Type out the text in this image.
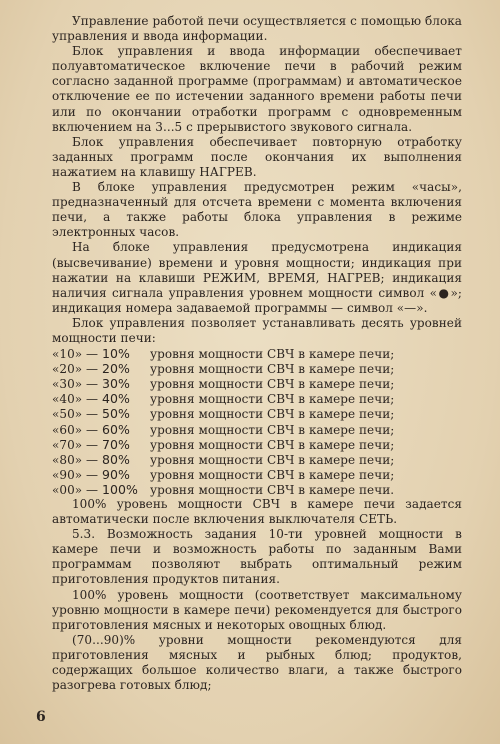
Управление работой печи осуществляется с помощью блока управления и ввода информации.

Блок управления и ввода информации обеспечивает полуавтоматическое включение печи в рабочий режим согласно заданной программе (программам) и автоматическое отключение ее по истечении заданного времени работы печи или по окончании отработки программ с одновременным включением на 3...5 с прерывистого звукового сигнала.

Блок управления обеспечивает повторную отработку заданных программ после окончания их выполнения нажатием на клавишу НАГРЕВ.

В блоке управления предусмотрен режим «часы», предназначенный для отсчета времени с момента включения печи, а также работы блока управления в режиме электронных часов.

На блоке управления предусмотрена индикация (высвечивание) времени и уровня мощности; индикация при нажатии на клавиши РЕЖИМ, ВРЕМЯ, НАГРЕВ; индикация наличия сигнала управления уровнем мощности символ «●»; индикация номера задаваемой программы — символ «—».

Блок управления позволяет устанавливать десять уровней мощности печи:

«10» — 10%	уровня мощности СВЧ в камере печи;
«20» — 20%	уровня мощности СВЧ в камере печи;
«30» — 30%	уровня мощности СВЧ в камере печи;
«40» — 40%	уровня мощности СВЧ в камере печи;
«50» — 50%	уровня мощности СВЧ в камере печи;
«60» — 60%	уровня мощности СВЧ в камере печи;
«70» — 70%	уровня мощности СВЧ в камере печи;
«80» — 80%	уровня мощности СВЧ в камере печи;
«90» — 90%	уровня мощности СВЧ в камере печи;
«00» — 100%	уровня мощности СВЧ в камере печи.

100% уровень мощности СВЧ в камере печи задается автоматически после включения выключателя СЕТЬ.

5.3. Возможность задания 10-ти уровней мощности в камере печи и возможность работы по заданным Вами программам позволяют выбрать оптимальный режим приготовления продуктов питания.

100% уровень мощности (соответствует максимальному уровню мощности в камере печи) рекомендуется для быстрого приготовления мясных и некоторых овощных блюд.

(70...90)% уровни мощности рекомендуются для приготовления мясных и рыбных блюд; продуктов, содержащих большое количество влаги, а также быстрого разогрева готовых блюд;

6
